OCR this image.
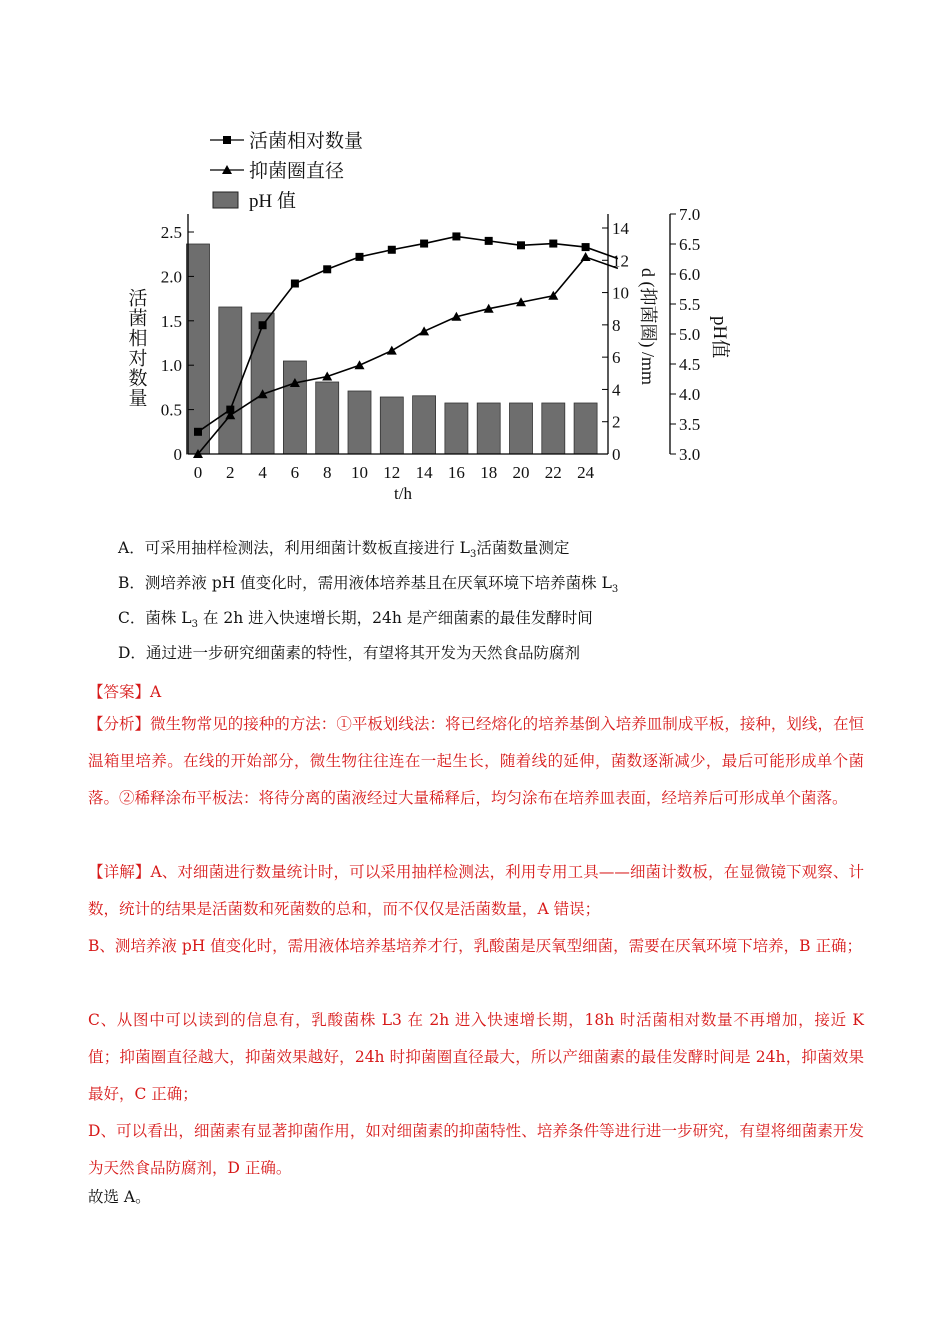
活菌相对数量
抑菌圈直径
pH 值
0
0.5
1.0
1.5
2.0
2.5
0
2
4
6
8
10
12
14
3.0
3.5
4.0
4.5
5.0
5.5
6.0
6.5
7.0
0 2 4 6 8 10 12 14 16 18 20 22 24
t/h
活菌相对数量	d (抑菌圈) /mm	pH值
A．可采用抽样检测法，利用细菌计数板直接进行 $L_3$活菌数量测定
B．测培养液 pH 值变化时，需用液体培养基且在厌氧环境下培养菌株 $L_3$
C．菌株 $L_3$ 在 2h 进入快速增长期，24h 是产细菌素的最佳发酵时间
D．通过进一步研究细菌素的特性，有望将其开发为天然食品防腐剂
【答案】A
【分析】微生物常见的接种的方法：①平板划线法：将已经熔化的培养基倒入培养皿制成平板，接种，划线，在恒温箱里培养。在线的开始部分，微生物往往连在一起生长，随着线的延伸，菌数逐渐减少，最后可能形成单个菌落。②稀释涂布平板法：将待分离的菌液经过大量稀释后，均匀涂布在培养皿表面，经培养后可形成单个菌落。
【详解】A、对细菌进行数量统计时，可以采用抽样检测法，利用专用工具——细菌计数板，在显微镜下观察、计数，统计的结果是活菌数和死菌数的总和，而不仅仅是活菌数量，A 错误；
B、测培养液 pH 值变化时，需用液体培养基培养才行，乳酸菌是厌氧型细菌，需要在厌氧环境下培养，B 正确；
C、从图中可以读到的信息有，乳酸菌株 L3 在 2h 进入快速增长期，18h 时活菌相对数量不再增加，接近 K 值；抑菌圈直径越大，抑菌效果越好，24h 时抑菌圈直径最大，所以产细菌素的最佳发酵时间是 24h，抑菌效果最好，C 正确；
D、可以看出，细菌素有显著抑菌作用，如对细菌素的抑菌特性、培养条件等进行进一步研究，有望将细菌素开发为天然食品防腐剂，D 正确。
故选 A。
